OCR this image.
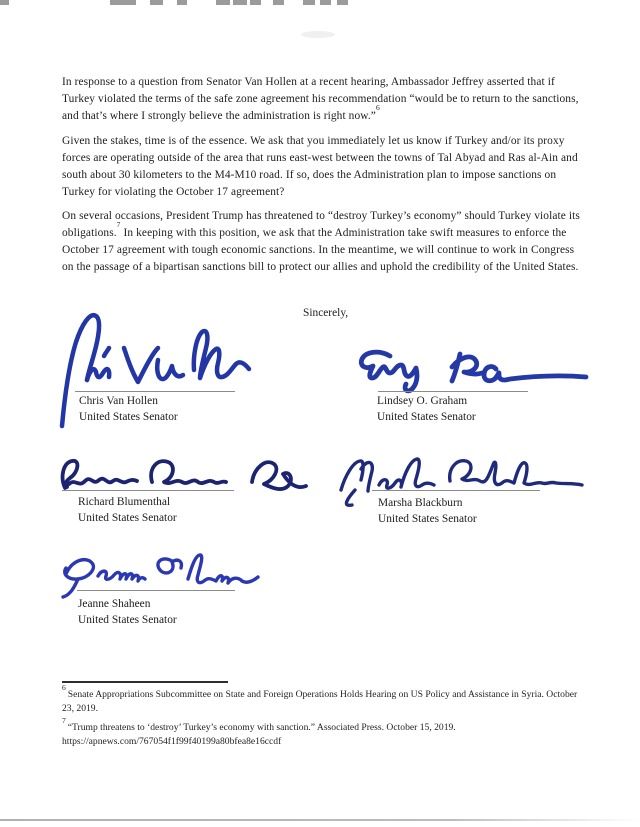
In response to a question from Senator Van Hollen at a recent hearing, Ambassador Jeffrey asserted that if Turkey violated the terms of the safe zone agreement his recommendation “would be to return to the sanctions, and that’s where I strongly believe the administration is right now.”$^6$
Given the stakes, time is of the essence. We ask that you immediately let us know if Turkey and/or its proxy forces are operating outside of the area that runs east-west between the towns of Tal Abyad and Ras al-Ain and south about 30 kilometers to the M4-M10 road. If so, does the Administration plan to impose sanctions on Turkey for violating the October 17 agreement?
On several occasions, President Trump has threatened to “destroy Turkey’s economy” should Turkey violate its obligations.$^7$ In keeping with this position, we ask that the Administration take swift measures to enforce the October 17 agreement with tough economic sanctions. In the meantime, we will continue to work in Congress on the passage of a bipartisan sanctions bill to protect our allies and uphold the credibility of the United States.
Sincerely,
Chris Van Hollen
United States Senator
Lindsey O. Graham
United States Senator
Richard Blumenthal
United States Senator
Marsha Blackburn
United States Senator
Jeanne Shaheen
United States Senator
$^6$Senate Appropriations Subcommittee on State and Foreign Operations Holds Hearing on US Policy and Assistance in Syria. October 23, 2019.
$^7$“Trump threatens to ‘destroy’ Turkey’s economy with sanction.” Associated Press. October 15, 2019.
https://apnews.com/767054f1f99f40199a80bfea8e16ccdf
